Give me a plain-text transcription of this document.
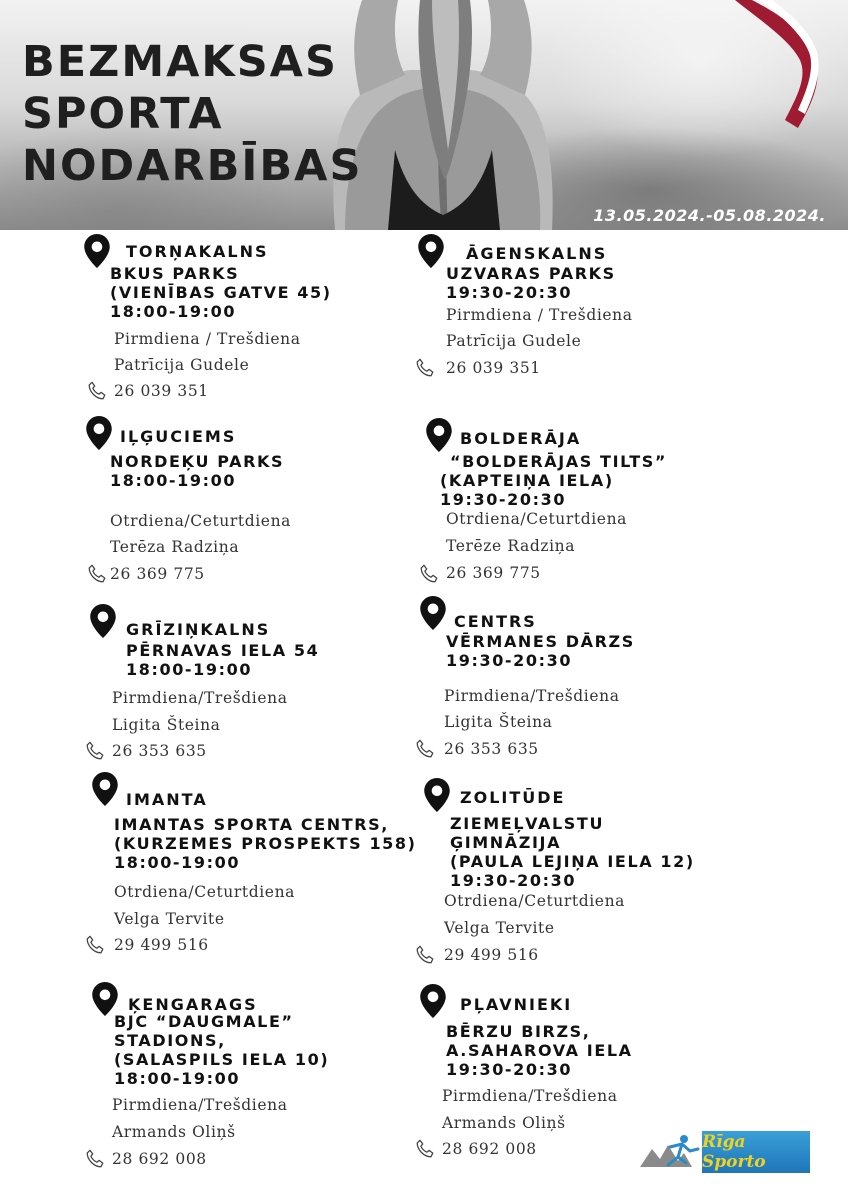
BEZMAKSAS
SPORTA
NODARBĪBAS
13.05.2024.-05.08.2024.
TORŅAKALNS
BKUS PARKS
(VIENĪBAS GATVE 45)
18:00-19:00
Pirmdiena / Trešdiena
Patrīcija Gudele
26 039 351
ĀGENSKALNS
UZVARAS PARKS
19:30-20:30
Pirmdiena / Trešdiena
Patrīcija Gudele
26 039 351
IĻĢUCIEMS
NORDEĶU PARKS
18:00-19:00
Otrdiena/Ceturtdiena
Terēza Radziņa
26 369 775
BOLDERĀJA
“BOLDERĀJAS TILTS”
(KAPTEIŅA IELA)
19:30-20:30
Otrdiena/Ceturtdiena
Terēze Radziņa
26 369 775
GRĪZIŅKALNS
PĒRNAVAS IELA 54
18:00-19:00
Pirmdiena/Trešdiena
Ligita Šteina
26 353 635
CENTRS
VĒRMANES DĀRZS
19:30-20:30
Pirmdiena/Trešdiena
Ligita Šteina
26 353 635
IMANTA
IMANTAS SPORTA CENTRS,
(KURZEMES PROSPEKTS 158)
18:00-19:00
Otrdiena/Ceturtdiena
Velga Tervite
29 499 516
ZOLITŪDE
ZIEMEĻVALSTU
ĢIMNĀZIJA
(PAULA LEJIŅA IELA 12)
19:30-20:30
Otrdiena/Ceturtdiena
Velga Tervite
29 499 516
ĶENGARAGS
BJC “DAUGMALE”
STADIONS,
(SALASPILS IELA 10)
18:00-19:00
Pirmdiena/Trešdiena
Armands Oliņš
28 692 008
PĻAVNIEKI
BĒRZU BIRZS,
A.SAHAROVA IELA
19:30-20:30
Pirmdiena/Trešdiena
Armands Oliņš
28 692 008	Rīga Sporto
